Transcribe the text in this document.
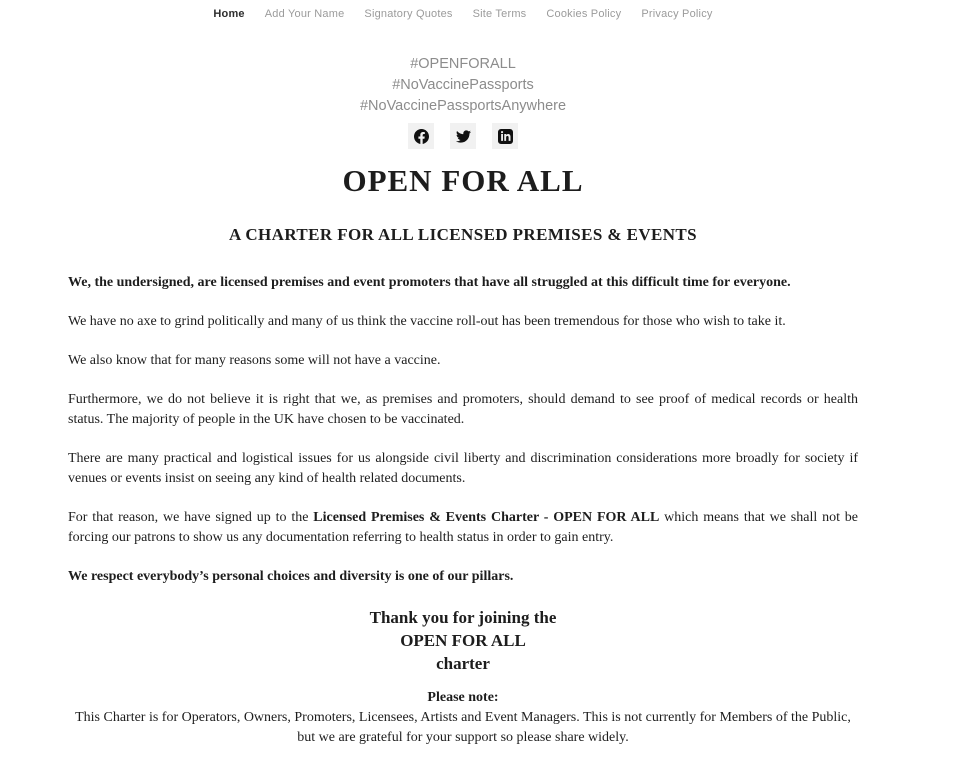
Home Add Your Name Signatory Quotes Site Terms Cookies Policy Privacy Policy
#OPENFORALL
#NoVaccinePassports
#NoVaccinePassportsAnywhere
OPEN FOR ALL
A CHARTER FOR ALL LICENSED PREMISES & EVENTS

We, the undersigned, are licensed premises and event promoters that have all struggled at this difficult time for everyone.

We have no axe to grind politically and many of us think the vaccine roll-out has been tremendous for those who wish to take it.

We also know that for many reasons some will not have a vaccine.

Furthermore, we do not believe it is right that we, as premises and promoters, should demand to see proof of medical records or health status. The majority of people in the UK have chosen to be vaccinated.

There are many practical and logistical issues for us alongside civil liberty and discrimination considerations more broadly for society if venues or events insist on seeing any kind of health related documents.

For that reason, we have signed up to the Licensed Premises & Events Charter - OPEN FOR ALL which means that we shall not be forcing our patrons to show us any documentation referring to health status in order to gain entry.

We respect everybody’s personal choices and diversity is one of our pillars.

Thank you for joining the
OPEN FOR ALL
charter

Please note:

This Charter is for Operators, Owners, Promoters, Licensees, Artists and Event Managers. This is not currently for Members of the Public, but we are grateful for your support so please share widely.
